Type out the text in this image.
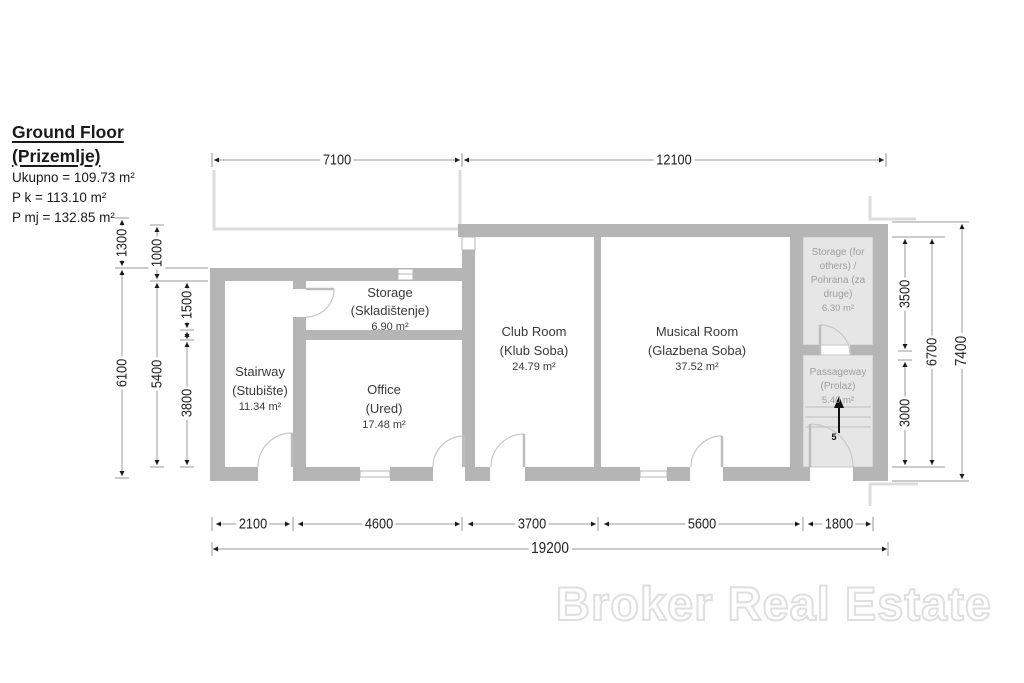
Ground Floor
(Prizemlje)
Ukupno = 109.73 m²
P k = 113.10 m²
P mj = 132.85 m²
Stairway
(Stubište)
11.34 m²
Office
(Ured)
17.48 m²
Storage
(Skladištenje)
6.90 m²	Club Room
(Klub Soba)
24.79 m²
Musical Room
(Glazbena Soba)
37.52 m²
Storage (for others) / Pohrana (za druge)
6.30 m²
Passageway
(Prolaz)
5.40 m²
5
7100	12100
2100	4600	3700	5600	1800
19200
1300
6100
1000
5400
1500
3800
3500
3000
6700 7400
Broker Real Estate
